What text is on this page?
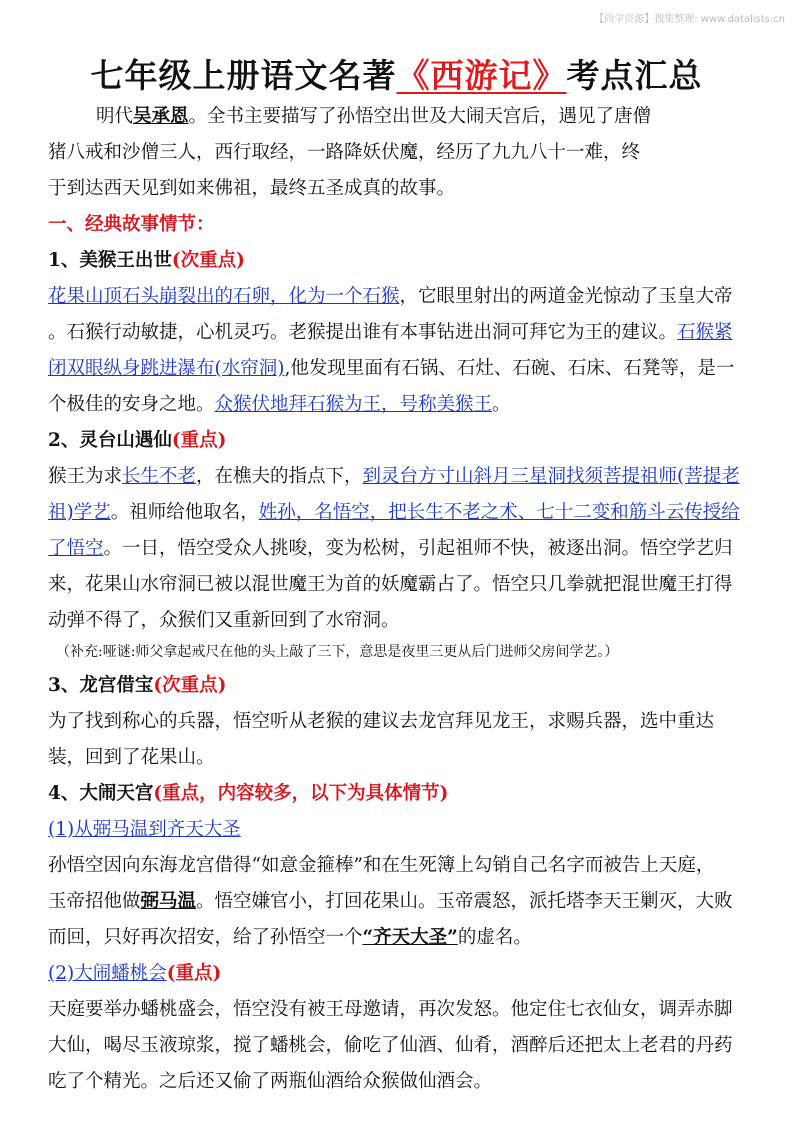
【尚学资源】搜集整理: www.datalists.cn
七年级上册语文名著《西游记》考点汇总
明代吴承恩。全书主要描写了孙悟空出世及大闹天宫后，遇见了唐僧
猪八戒和沙僧三人，西行取经，一路降妖伏魔，经历了九九八十一难，终
于到达西天见到如来佛祖，最终五圣成真的故事。
一、经典故事情节：
1、美猴王出世(次重点)
花果山顶石头崩裂出的石卵，化为一个石猴，它眼里射出的两道金光惊动了玉皇大帝
。石猴行动敏捷，心机灵巧。老猴提出谁有本事钻进出洞可拜它为王的建议。石猴紧
闭双眼纵身跳进瀑布(水帘洞),他发现里面有石锅、石灶、石碗、石床、石凳等，是一
个极佳的安身之地。众猴伏地拜石猴为王，号称美猴王。
2、灵台山遇仙(重点)
猴王为求长生不老，在樵夫的指点下，到灵台方寸山斜月三星洞找须菩提祖师(菩提老
祖)学艺。祖师给他取名，姓孙，名悟空，把长生不老之术、七十二变和筋斗云传授给
了悟空。一日，悟空受众人挑唆，变为松树，引起祖师不快，被逐出洞。悟空学艺归
来，花果山水帘洞已被以混世魔王为首的妖魔霸占了。悟空只几拳就把混世魔王打得
动弹不得了，众猴们又重新回到了水帘洞。
（补充:哑谜:师父拿起戒尺在他的头上敲了三下，意思是夜里三更从后门进师父房间学艺。）
3、龙宫借宝(次重点)
为了找到称心的兵器，悟空听从老猴的建议去龙宫拜见龙王，求赐兵器，选中重达
装，回到了花果山。
4、大闹天宫(重点，内容较多，以下为具体情节)
(1)从弼马温到齐天大圣
孙悟空因向东海龙宫借得“如意金箍棒”和在生死簿上勾销自己名字而被告上天庭，
玉帝招他做弼马温。悟空嫌官小，打回花果山。玉帝震怒，派托塔李天王剿灭，大败
而回，只好再次招安，给了孙悟空一个“齐天大圣”的虚名。
(2)大闹蟠桃会(重点)
天庭要举办蟠桃盛会，悟空没有被王母邀请，再次发怒。他定住七衣仙女，调弄赤脚
大仙，喝尽玉液琼浆，搅了蟠桃会，偷吃了仙酒、仙肴，酒醉后还把太上老君的丹药
吃了个精光。之后还又偷了两瓶仙酒给众猴做仙酒会。
